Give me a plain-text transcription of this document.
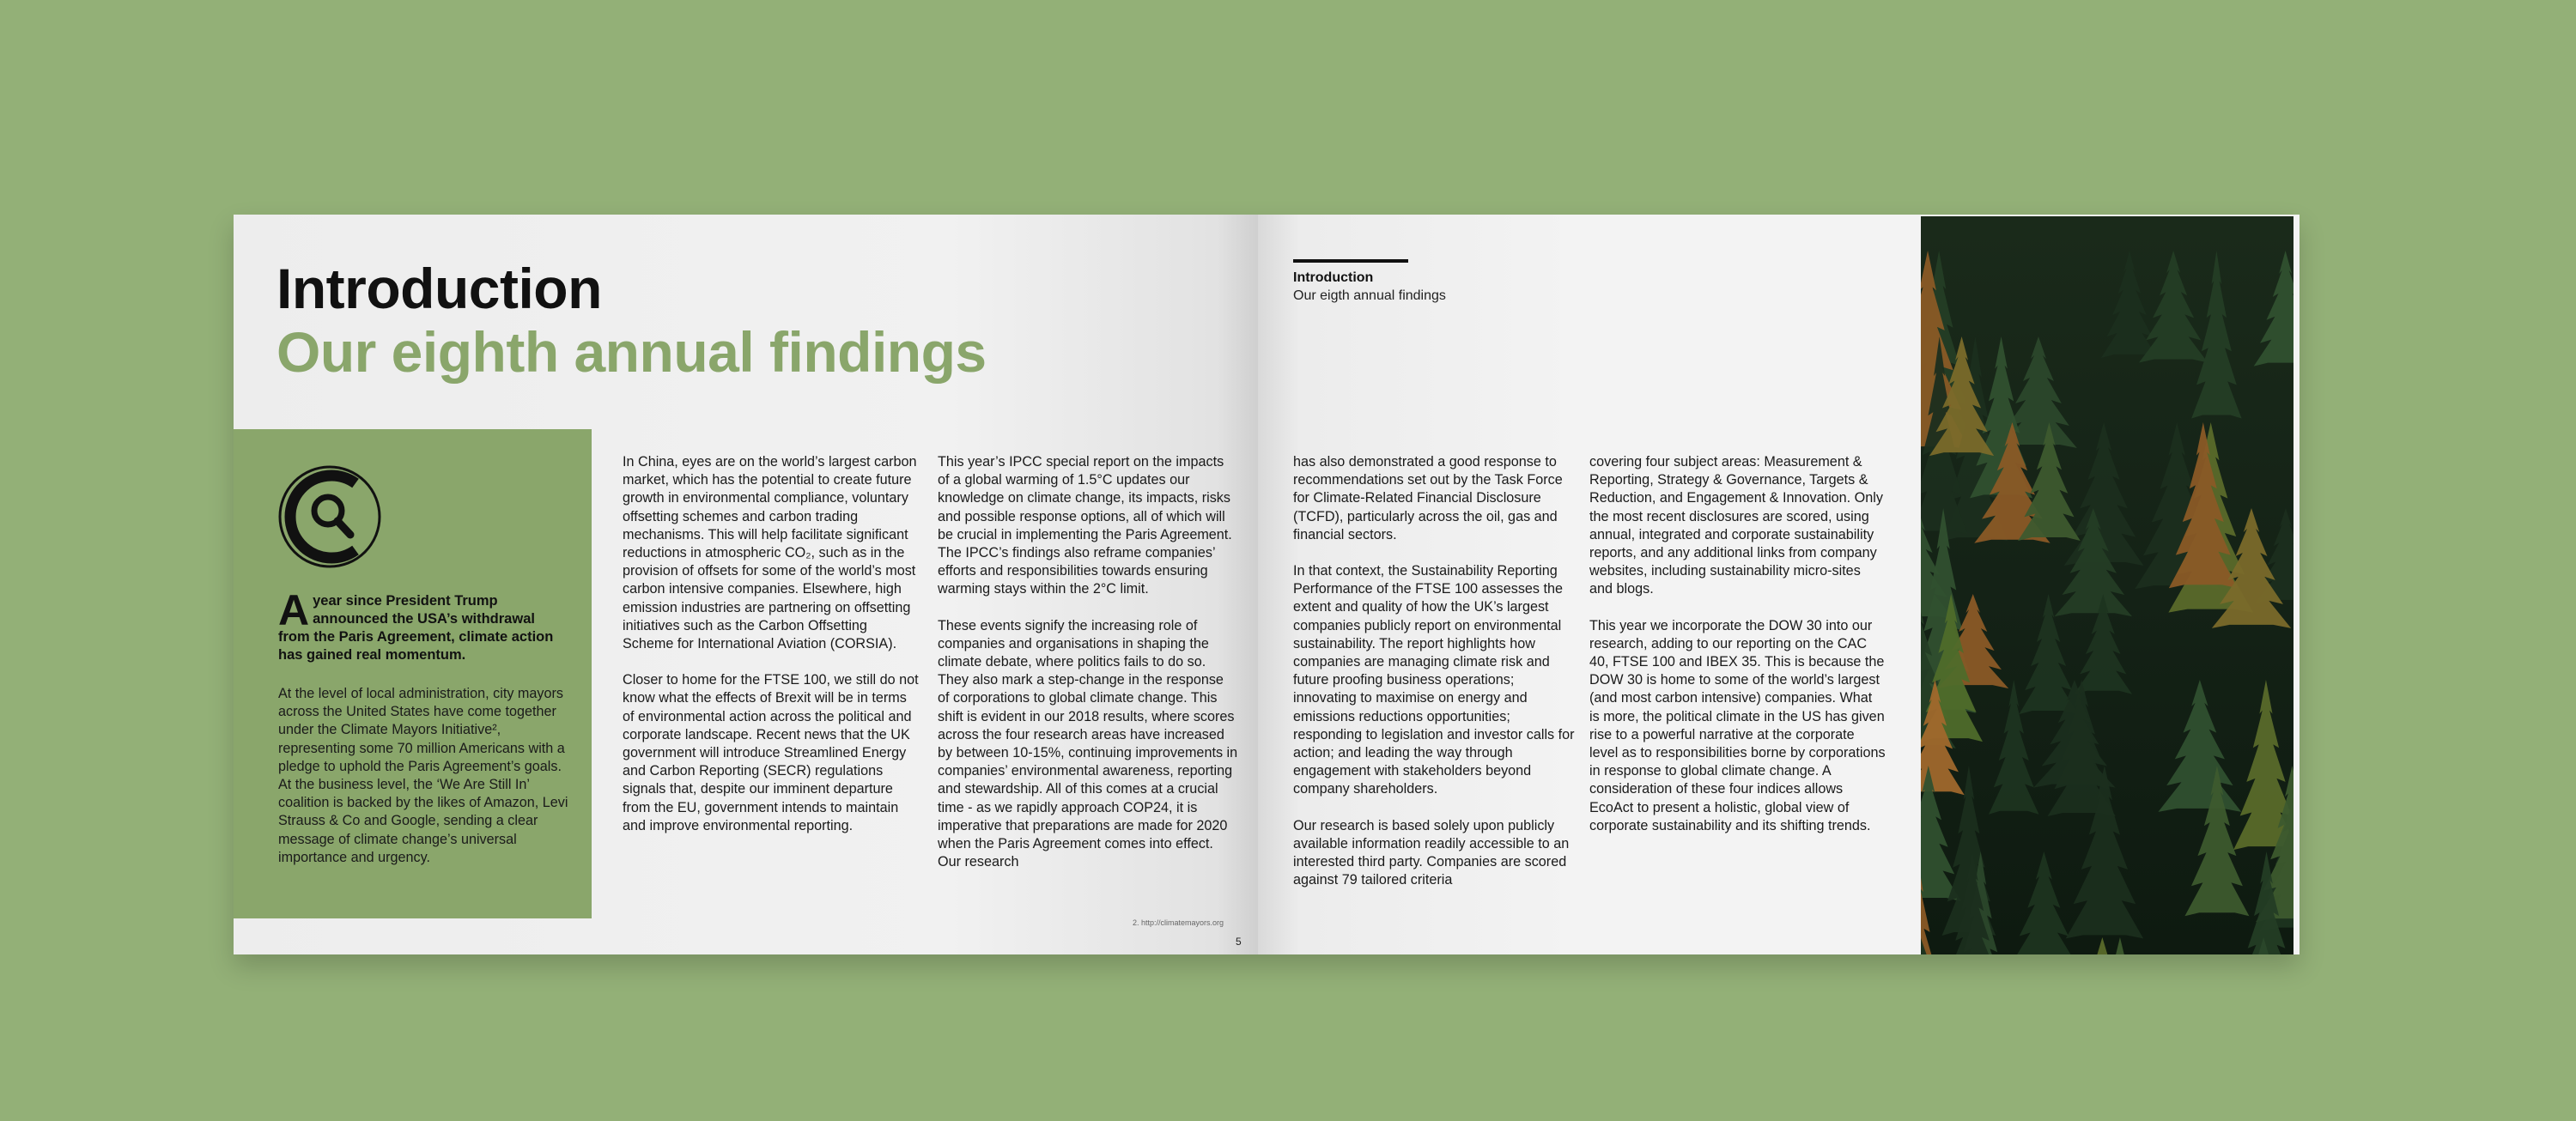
Introduction
Our eighth annual findings

Ayear since President Trump announced the USA’s withdrawal from the Paris Agreement, climate action has gained real momentum.

At the level of local administration, city mayors across the United States have come together under the Climate Mayors Initiative², representing some 70 million Americans with a pledge to uphold the Paris Agreement’s goals. At the business level, the ‘We Are Still In’ coalition is backed by the likes of Amazon, Levi Strauss & Co and Google, sending a clear message of climate change’s universal importance and urgency.

In China, eyes are on the world’s largest carbon market, which has the potential to create future growth in environmental compliance, voluntary offsetting schemes and carbon trading mechanisms. This will help facilitate significant reductions in atmospheric CO₂, such as in the provision of offsets for some of the world’s most carbon intensive companies. Elsewhere, high emission industries are partnering on offsetting initiatives such as the Carbon Offsetting Scheme for International Aviation (CORSIA).

Closer to home for the FTSE 100, we still do not know what the effects of Brexit will be in terms of environmental action across the political and corporate landscape. Recent news that the UK government will introduce Streamlined Energy and Carbon Reporting (SECR) regulations signals that, despite our imminent departure from the EU, government intends to maintain and improve environmental reporting.

This year’s IPCC special report on the impacts of a global warming of 1.5°C updates our knowledge on climate change, its impacts, risks and possible response options, all of which will be crucial in implementing the Paris Agreement. The IPCC’s findings also reframe companies’ efforts and responsibilities towards ensuring warming stays within the 2°C limit.

These events signify the increasing role of companies and organisations in shaping the climate debate, where politics fails to do so. They also mark a step-change in the response of corporations to global climate change. This shift is evident in our 2018 results, where scores across the four research areas have increased by between 10-15%, continuing improvements in companies’ environmental awareness, reporting and stewardship. All of this comes at a crucial time - as we rapidly approach COP24, it is imperative that preparations are made for 2020 when the Paris Agreement comes into effect. Our research

2. http://climatemayors.org
5

Introduction

Our eigth annual findings

has also demonstrated a good response to recommendations set out by the Task Force for Climate-Related Financial Disclosure (TCFD), particularly across the oil, gas and financial sectors.

In that context, the Sustainability Reporting Performance of the FTSE 100 assesses the extent and quality of how the UK’s largest companies publicly report on environmental sustainability. The report highlights how companies are managing climate risk and future proofing business operations; innovating to maximise on energy and emissions reductions opportunities; responding to legislation and investor calls for action; and leading the way through engagement with stakeholders beyond company shareholders.

Our research is based solely upon publicly available information readily accessible to an interested third party. Companies are scored against 79 tailored criteria

covering four subject areas: Measurement & Reporting, Strategy & Governance, Targets & Reduction, and Engagement & Innovation. Only the most recent disclosures are scored, using annual, integrated and corporate sustainability reports, and any additional links from company websites, including sustainability micro-sites and blogs.

This year we incorporate the DOW 30 into our research, adding to our reporting on the CAC 40, FTSE 100 and IBEX 35. This is because the DOW 30 is home to some of the world’s largest (and most carbon intensive) companies. What is more, the political climate in the US has given rise to a powerful narrative at the corporate level as to responsibilities borne by corporations in response to global climate change. A consideration of these four indices allows EcoAct to present a holistic, global view of corporate sustainability and its shifting trends.
